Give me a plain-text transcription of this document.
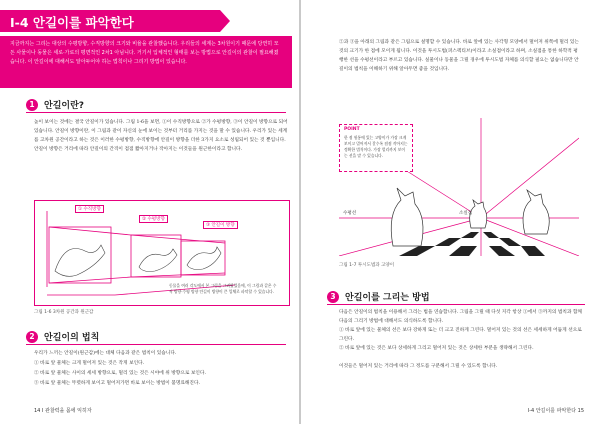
Ⅰ-4 안길이를 파악한다
지금까지는 그리는 대상의 수평방향, 수직방향의 크기와 비율을 관찰했습니다. 우리들의 세계는 3차원이기 때문에 당연히 모든 사물이나 동물은 세로·가로의 평면적인 2차1 아님니다. 거기서 입체적인 형태를 보는 방법으로 안길이의 관찰이 필요해졌습니다. 이 안길이에 대해서도 알아두어야 하는 법칙이나 그리기 방법이 있습니다.
1	안길이란?
높이 보이는 것에는 결국 안길이가 있습니다. 그림 1-6을 보면, ①이 수직방향으로 ②가 수평방향, ③이 안길이 방향으로 되어 있습니다. 안길이 방향이란, 이 그림과 같이 자신의 눈에 보이는 것부터 거리를 가지는 것을 말 수 있습니다. 우리가 있는 세계를 고차원 공간이라고 하는 것은 이러한 수평방향, 수직방향에 안길이 방향을 더한 3가지 요소로 성립되어 있는 것 뿐입니다. 안길이 방향은 거리에 따라 안길이의 간격이 점점 짧아지거나 작아지는 이것들을 원근한이라고 합니다.
① 수직방향
② 수평방향
③ 안길이 방향
동물을 여러 각도에서 본 그림을 그려봤었음에, 이 그림과 같은 수직 방향·수평 방향 안길이 방향이 큰 입체로 파악할 수 있습니다.
그림 1-6 3차원 공간과 원근감
2	안길이의 법칙
우리가 느끼는 안길이(원근감)에는 대체 다음과 같은 법칙이 있습니다.
① 바로 앞 물체는 크게 멀어져 있는 것은 작게 보인다.
② 바로 앞 물체는 사이의 세세 방향으로, 멀리 있는 것은 시야에 위 방향으로 보인다.
③ 바로 앞 물체는 뚜렷하게 보이고 멀어져가면 바로 보이는 방법이 불명료해진다.
14 Ⅰ 관찰력을 몸에 익히자
②과 ③을 아래의 그림과 같은 그림으로 설명할 수 있습니다. 바로 앞에 있는 사각형 모양에서 멀어져 위쪽에 멀리 있는 것의 크기가 한 점에 모이게 됩니다. 이것을 투시도법(퍼스펙티브)이라고 소실점이라고 하며, 소실점을 통한 하학적 평행한 선을 수평선이라고 부르고 있습니다. 실물이나 동물을 그릴 경우에 투시도법 자체를 의식할 필요는 없습니다만 안길이의 법칙을 이해하기 위해 알아두면 좋을 것입니다.
수평선	소실점
POINT
한 점 원통에 있는 고양이가 가장 크게 보이고 멀어져서 갈수록 점점 작아지는 정확한 법칙이다. 가장 멀리까지 보이는 선을 말 수 있습니다.
그림 1-7 투시도법과 고양이
3	안길이를 그리는 방법
다음은 안길이의 법칙을 이용해서 그리는 법을 연습합니다. 그림을 그릴 때 다섯 지각 항상 ①에서 ③까지의 법칙과 함께 다음의 그리기 방법에 대해서도 의식하도록 합니다.
① 바로 앞에 있는 물체의 선은 보다 강하게 또는 더 크고 진하게 그린다. 멀어져 있는 것의 선은 세세하게 어둡게 선으로 그린다.
② 바로 앞에 있는 것은 보다 상세하게 그리고 멀어져 있는 것은 상세한 부분을 생략해서 그린다.
이것들은 멀어져 있는 거리에 따라 그 정도를 구분해서 그릴 수 있도록 합니다.
Ⅰ-4 안길이를 파악한다 15
